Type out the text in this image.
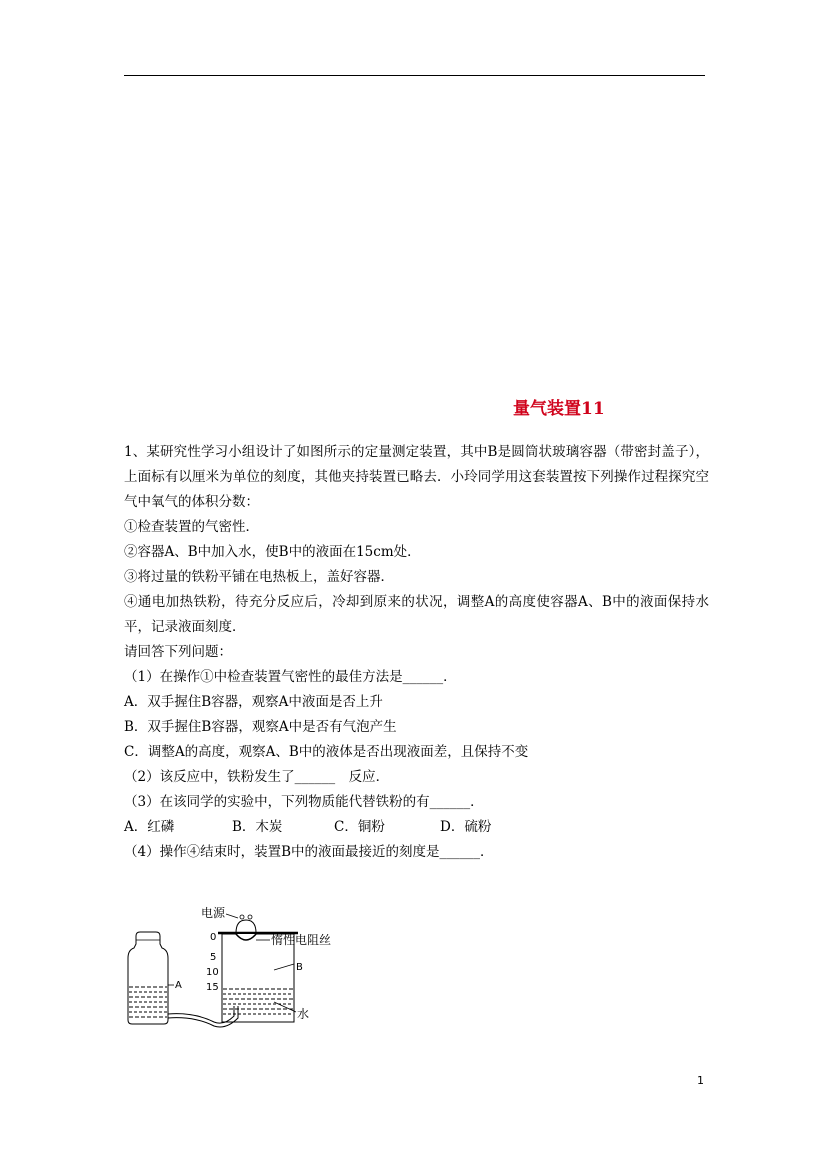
量气装置11
1、某研究性学习小组设计了如图所示的定量测定装置，其中B是圆筒状玻璃容器（带密封盖子），上面标有以厘米为单位的刻度，其他夹持装置已略去．小玲同学用这套装置按下列操作过程探究空气中氧气的体积分数：
①检查装置的气密性．
②容器A、B中加入水，使B中的液面在15cm处．
③将过量的铁粉平铺在电热板上，盖好容器．
④通电加热铁粉，待充分反应后，冷却到原来的状况，调整A的高度使容器A、B中的液面保持水平，记录液面刻度．
请回答下列问题：
（1）在操作①中检查装置气密性的最佳方法是______．
A．双手握住B容器，观察A中液面是否上升
B．双手握住B容器，观察A中是否有气泡产生
C．调整A的高度，观察A、B中的液体是否出现液面差，且保持不变
（2）该反应中，铁粉发生了______　反应．
（3）在该同学的实验中，下列物质能代替铁粉的有______．
A．红磷	B．木炭	C．铜粉	D．硫粉
（4）操作④结束时，装置B中的液面最接近的刻度是______．
A
电源
惰性电阻丝
B
水
0
5
10
15
1
